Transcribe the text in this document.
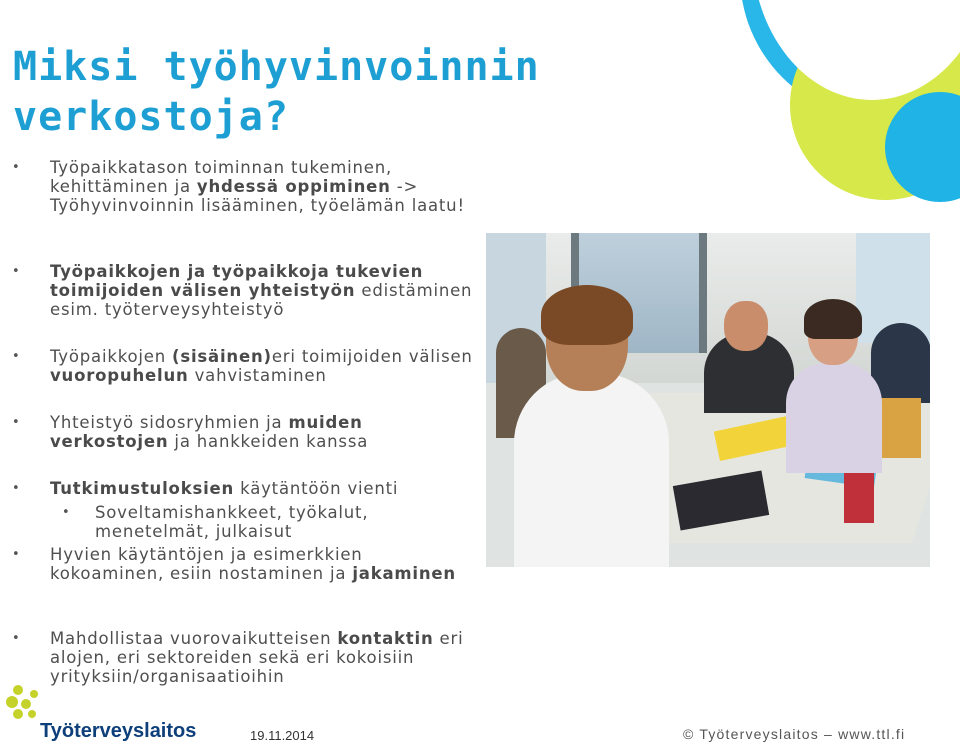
Miksi työhyvinvoinnin verkostoja?
• Työpaikkatason toiminnan tukeminen, kehittäminen ja yhdessä oppiminen -> Työhyvinvoinnin lisääminen, työelämän laatu!
• Työpaikkojen ja työpaikkoja tukevien toimijoiden välisen yhteistyön edistäminen esim. työterveysyhteistyö
• Työpaikkojen (sisäinen)eri toimijoiden välisen vuoropuhelun vahvistaminen
• Yhteistyö sidosryhmien ja muiden verkostojen ja hankkeiden kanssa
• Tutkimustuloksien käytäntöön vienti
• Soveltamishankkeet, työkalut, menetelmät, julkaisut
• Hyvien käytäntöjen ja esimerkkien kokoaminen, esiin nostaminen ja jakaminen
• Mahdollistaa vuorovaikutteisen kontaktin eri alojen, eri sektoreiden sekä eri kokoisiin yrityksiin/organisaatioihin
Työterveyslaitos	19.11.2014	© Työterveyslaitos – www.ttl.fi
